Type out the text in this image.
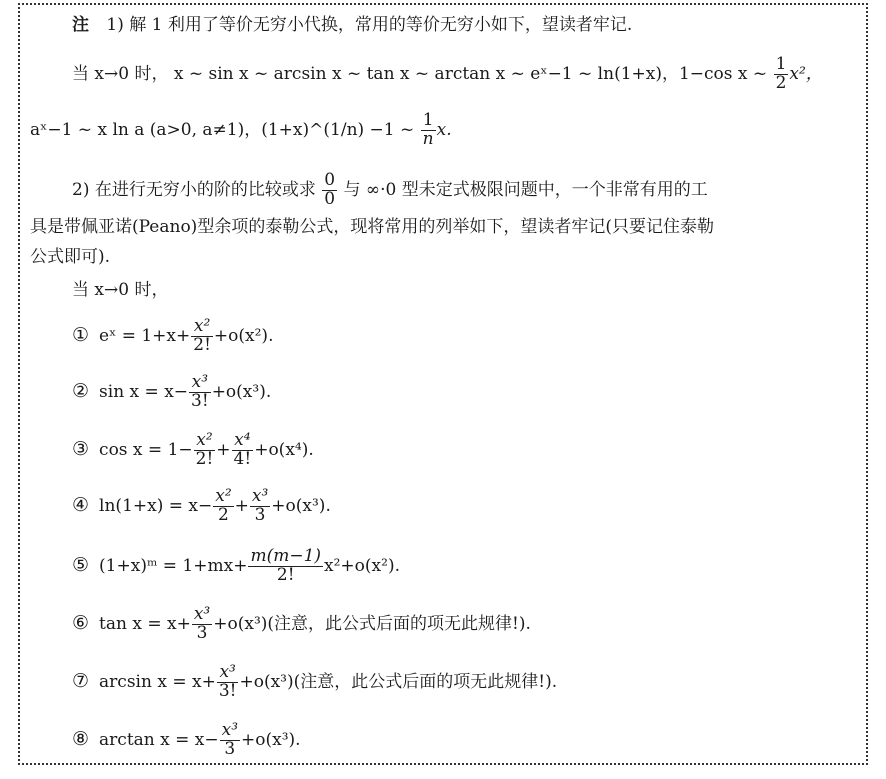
注 1) 解 1 利用了等价无穷小代换，常用的等价无穷小如下，望读者牢记.
当 x→0 时， x ~ sin x ~ arcsin x ~ tan x ~ arctan x ~ eˣ−1 ~ ln(1+x)，1−cos x ~ $\frac{1}{2} x^2$，
aˣ−1 ~ x ln a (a>0, a≠1)，(1+x)^(1/n) −1 ~ $\frac{1}{n} x$.
2) 在进行无穷小的阶的比较或求 $\frac{0}{0}$ 与 ∞·0 型未定式极限问题中，一个非常有用的工
具是带佩亚诺(Peano)型余项的泰勒公式，现将常用的列举如下，望读者牢记(只要记住泰勒
公式即可).
当 x→0 时，
① eˣ = $1+x+ \frac{\text{x²}}{2!} +o(x^2)$.
② $\sin x = x- \frac{\text{x³}}{3!} +o(x^3)$.
③ $\cos x = 1- \frac{\text{x²}}{2!} + \frac{\text{x⁴}}{4!} +o(x^4)$.
④ $\ln(1+x) = x- \frac{\text{x²}}{2} + \frac{\text{x³}}{3} +o(x^3)$.
⑤ (1+x)ᵐ = $1+mx+ \frac{m(m-1)}{2!} x^2+o(x^2)$.
⑥ $\tan x = x+ \frac{\text{x³}}{3} +o(x^3)$(注意，此公式后面的项无此规律!).
⑦ $\arcsin x = x+ \frac{\text{x³}}{3!} +o(x^3)$(注意，此公式后面的项无此规律!).
⑧ $\arctan x = x- \frac{\text{x³}}{3} +o(x^3)$.
